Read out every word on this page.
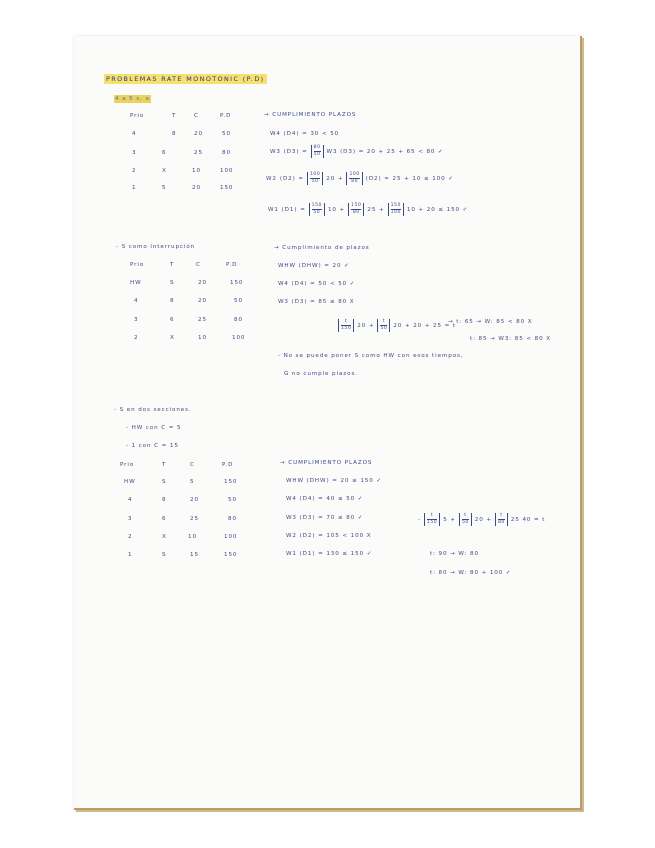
PROBLEMAS RATE MONOTONIC (P.D)
4 a 5 s, a
Prio	T	C	P.D
4	8	20	50
3	6	25	80
2	X	10	100
1	5	20	150
→ CUMPLIMIENTO PLAZOS
W4 (D4) = 30 < 50
W3 $(D3) = \frac{80}{50} W3$ (D3) = 20 + 25 + 65 < 80 ✓
W2 $(D2) = \frac{100}{50} 20 + \frac{100}{80} (D2) = 25 + 10 \le 100$ ✓
W1 $(D1) = \frac{150}{50} 10 + \frac{150}{80} 25 + \frac{150}{100} 10 + 20 \le 150$ ✓
- S como interrupción
Prio	T	C	P.D
HW	S	20	150
4	8	20	50
3	6	25	80
2	X	10	100
→ Cumplimiento de plazos
WHW (DHW) = 20 ✓
W4 (D4) = 50 < 50 ✓
W3 (D3) = 85 ≤ 80 X
t
150 $20 + \frac{t}{50} 20 + 20 + 25 = t$
→ t: 65 → W: 85 < 80 X
t: 85 → W3: 85 < 80 X
- No se puede poner S como HW con esos tiempos,
G no cumple plazos.
- S en dos secciones.
- HW con C = 5
- 1 con C = 15
Prio	T	C	P.D
HW	S	5	150
4	8	20	50
3	6	25	80
2	X	10	100
1	S	15	150
→ CUMPLIMIENTO PLAZOS
WHW (DHW) = 20 ≤ 150 ✓
W4 (D4) = 40 ≤ 50 ✓
W3 (D3) = 70 ≤ 80 ✓
W2 (D2) = 105 < 100 X
W1 (D1) = 130 ≤ 150 ✓
-
t
150 $5 + \frac{t}{50} 20 + \frac{t}{80} 25$ 40 = t
t: 90 → W: 80
t: 80 → W: 80 + 100 ✓
